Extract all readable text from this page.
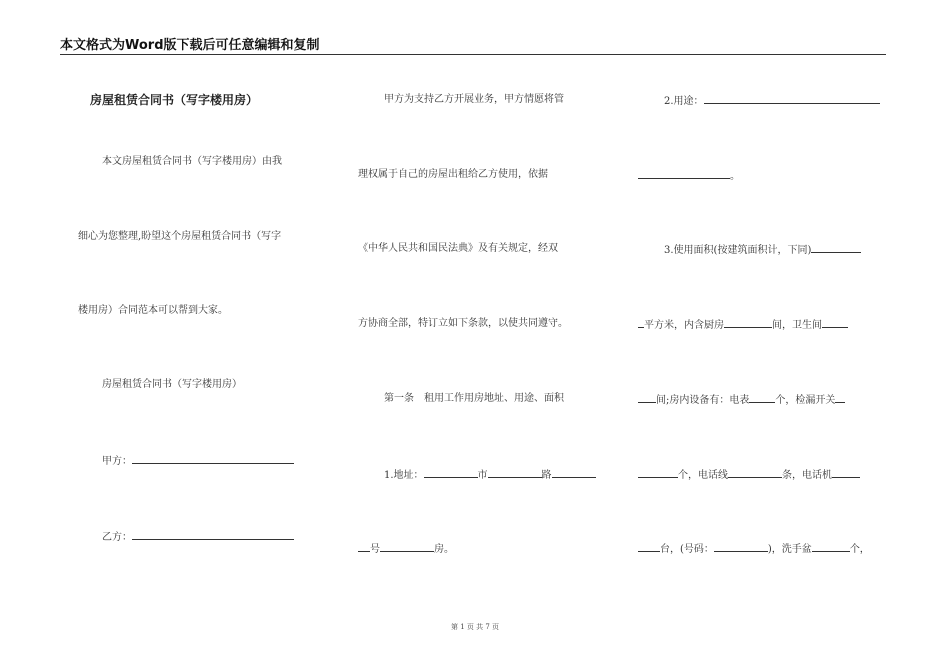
本文格式为Word版下载后可任意编辑和复制
房屋租赁合同书（写字楼用房）
本文房屋租赁合同书（写字楼用房）由我
细心为您整理,盼望这个房屋租赁合同书（写字
楼用房）合同范本可以帮到大家。
房屋租赁合同书（写字楼用房）
甲方：
乙方：
甲方为支持乙方开展业务，甲方情愿将管
理权属于自己的房屋出租给乙方使用，依据
《中华人民共和国民法典》及有关规定，经双
方协商全部，特订立如下条款，以使共同遵守。
第一条　租用工作用房地址、用途、面积
1.地址：	市	路
号	房。
2.用途：
。
3.使用面积(按建筑面积计，下同)
平方米，内含厨房	间，卫生间
间;房内设备有：电表	个，检漏开关
个，电话线	条，电话机
台，(号码：	)，洗手盆	个，
第 1 页 共 7 页
